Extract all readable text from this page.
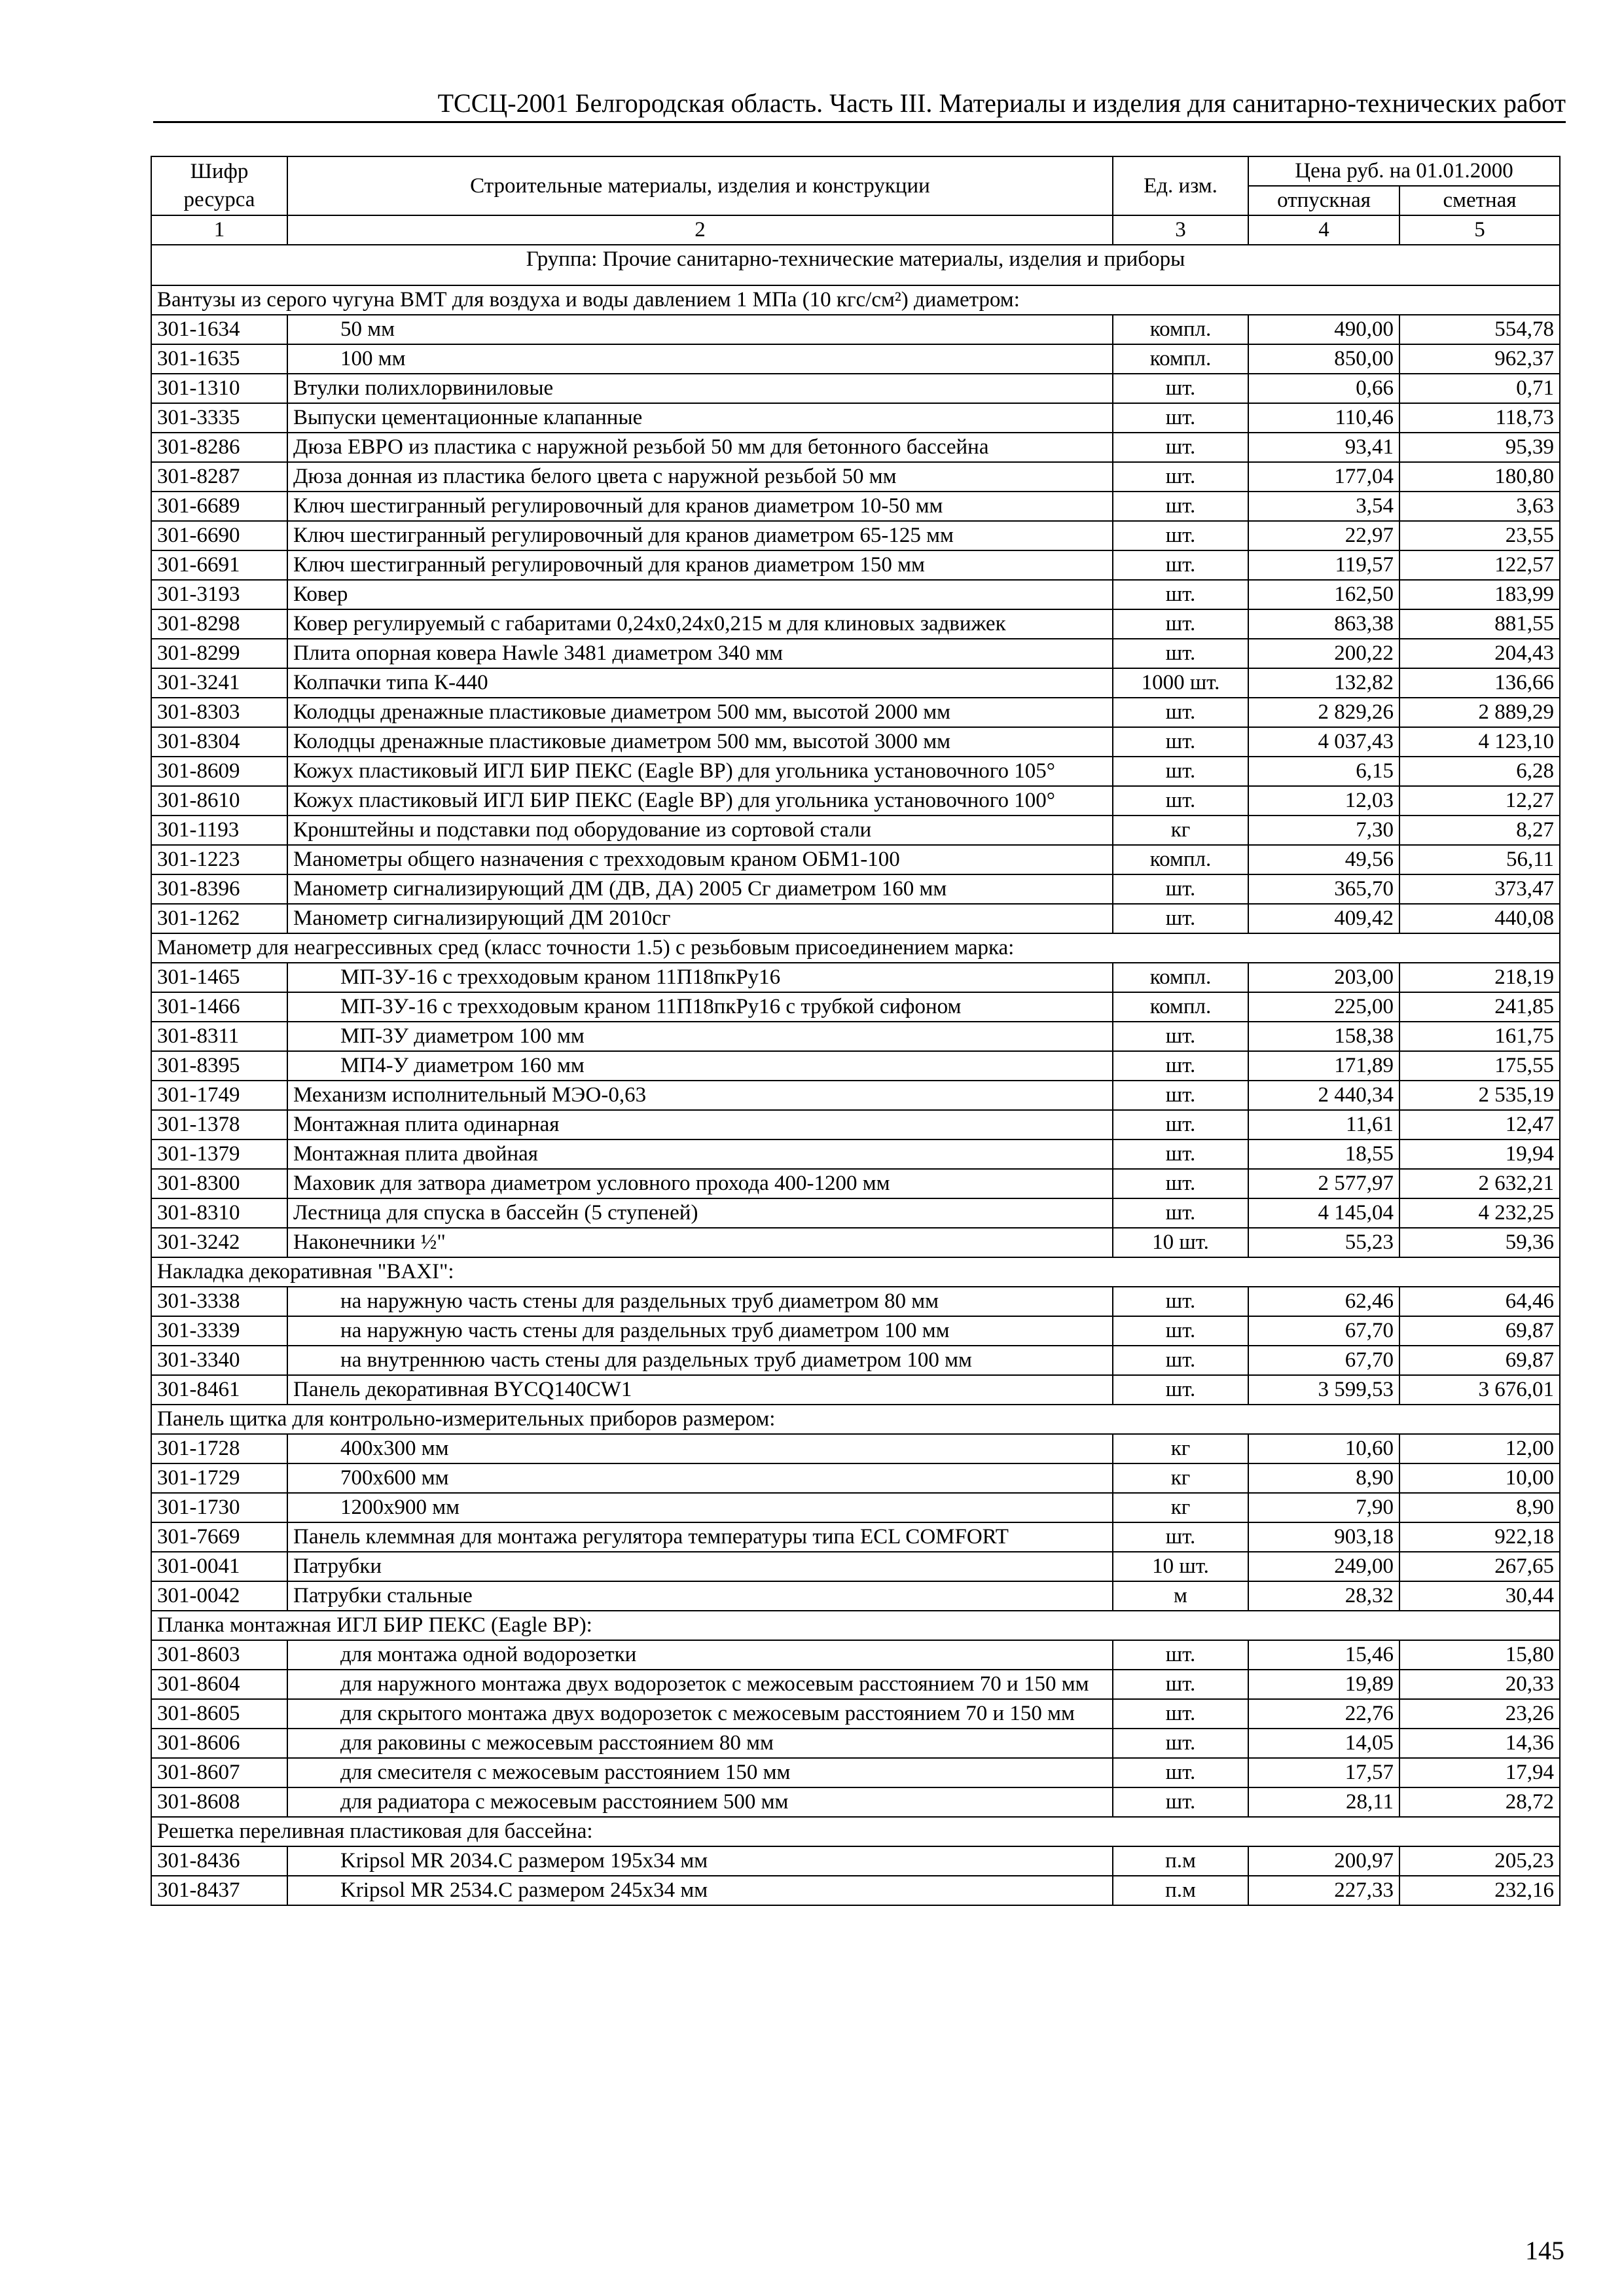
ТССЦ-2001 Белгородская область. Часть III. Материалы и изделия для санитарно-технических работ
Шифр ресурса	Строительные материалы, изделия и конструкции	Ед. изм.	Цена руб. на 01.01.2000	
			отпускная	сметная
1	2	3	4	5
Группа: Прочие санитарно-технические материалы, изделия и приборы				
Вантузы из серого чугуна ВМТ для воздуха и воды давлением 1 МПа (10 кгс/см²) диаметром:				
301-1634	50 мм	компл.	490,00	554,78
301-1635	100 мм	компл.	850,00	962,37
301-1310	Втулки полихлорвиниловые	шт.	0,66	0,71
301-3335	Выпуски цементационные клапанные	шт.	110,46	118,73
301-8286	Дюза ЕВРО из пластика с наружной резьбой 50 мм для бетонного бассейна	шт.	93,41	95,39
301-8287	Дюза донная из пластика белого цвета с наружной резьбой 50 мм	шт.	177,04	180,80
301-6689	Ключ шестигранный регулировочный для кранов диаметром 10-50 мм	шт.	3,54	3,63
301-6690	Ключ шестигранный регулировочный для кранов диаметром 65-125 мм	шт.	22,97	23,55
301-6691	Ключ шестигранный регулировочный для кранов диаметром 150 мм	шт.	119,57	122,57
301-3193	Ковер	шт.	162,50	183,99
301-8298	Ковер регулируемый с габаритами 0,24х0,24х0,215 м для клиновых задвижек	шт.	863,38	881,55
301-8299	Плита опорная ковера Hawle 3481 диаметром 340 мм	шт.	200,22	204,43
301-3241	Колпачки типа К-440	1000 шт.	132,82	136,66
301-8303	Колодцы дренажные пластиковые диаметром 500 мм, высотой 2000 мм	шт.	2 829,26	2 889,29
301-8304	Колодцы дренажные пластиковые диаметром 500 мм, высотой 3000 мм	шт.	4 037,43	4 123,10
301-8609	Кожух пластиковый ИГЛ БИР ПЕКС (Eagle BP) для угольника установочного 105°	шт.	6,15	6,28
301-8610	Кожух пластиковый ИГЛ БИР ПЕКС (Eagle BP) для угольника установочного 100°	шт.	12,03	12,27
301-1193	Кронштейны и подставки под оборудование из сортовой стали	кг	7,30	8,27
301-1223	Манометры общего назначения с трехходовым краном ОБМ1-100	компл.	49,56	56,11
301-8396	Манометр сигнализирующий ДМ (ДВ, ДА) 2005 Сг диаметром 160 мм	шт.	365,70	373,47
301-1262	Манометр сигнализирующий ДМ 2010сг	шт.	409,42	440,08
Манометр для неагрессивных сред (класс точности 1.5) с резьбовым присоединением марка:				
301-1465	МП-3У-16 с трехходовым краном 11П18пкРу16	компл.	203,00	218,19
301-1466	МП-3У-16 с трехходовым краном 11П18пкРу16 с трубкой сифоном	компл.	225,00	241,85
301-8311	МП-3У диаметром 100 мм	шт.	158,38	161,75
301-8395	МП4-У диаметром 160 мм	шт.	171,89	175,55
301-1749	Механизм исполнительный МЭО-0,63	шт.	2 440,34	2 535,19
301-1378	Монтажная плита одинарная	шт.	11,61	12,47
301-1379	Монтажная плита двойная	шт.	18,55	19,94
301-8300	Маховик для затвора диаметром условного прохода 400-1200 мм	шт.	2 577,97	2 632,21
301-8310	Лестница для спуска в бассейн (5 ступеней)	шт.	4 145,04	4 232,25
301-3242	Наконечники ½"	10 шт.	55,23	59,36
Накладка декоративная "BAXI":				
301-3338	на наружную часть стены для раздельных труб диаметром 80 мм	шт.	62,46	64,46
301-3339	на наружную часть стены для раздельных труб диаметром 100 мм	шт.	67,70	69,87
301-3340	на внутреннюю часть стены для раздельных труб диаметром 100 мм	шт.	67,70	69,87
301-8461	Панель декоративная BYCQ140CW1	шт.	3 599,53	3 676,01
Панель щитка для контрольно-измерительных приборов размером:				
301-1728	400х300 мм	кг	10,60	12,00
301-1729	700х600 мм	кг	8,90	10,00
301-1730	1200х900 мм	кг	7,90	8,90
301-7669	Панель клеммная для монтажа регулятора температуры типа ECL COMFORT	шт.	903,18	922,18
301-0041	Патрубки	10 шт.	249,00	267,65
301-0042	Патрубки стальные	м	28,32	30,44
Планка монтажная ИГЛ БИР ПЕКС (Eagle BP):				
301-8603	для монтажа одной водорозетки	шт.	15,46	15,80
301-8604	для наружного монтажа двух водорозеток с межосевым расстоянием 70 и 150 мм	шт.	19,89	20,33
301-8605	для скрытого монтажа двух водорозеток с межосевым расстоянием 70 и 150 мм	шт.	22,76	23,26
301-8606	для раковины с межосевым расстоянием 80 мм	шт.	14,05	14,36
301-8607	для смесителя с межосевым расстоянием 150 мм	шт.	17,57	17,94
301-8608	для радиатора с межосевым расстоянием 500 мм	шт.	28,11	28,72
Решетка переливная пластиковая для бассейна:				
301-8436	Kripsol MR 2034.C размером 195х34 мм	п.м	200,97	205,23
301-8437	Kripsol MR 2534.C размером 245х34 мм	п.м	227,33	232,16
145
